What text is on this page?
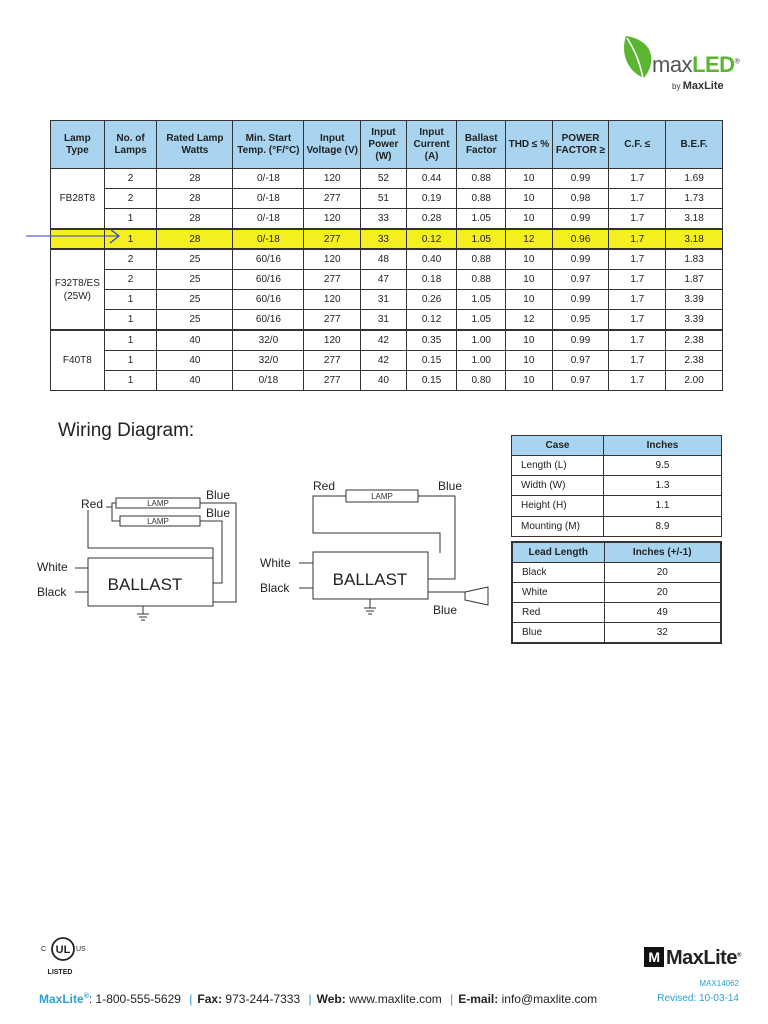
maxLED®
by MaxLite
Lamp Type	No. of Lamps	Rated Lamp Watts	Min. Start Temp. (°F/°C)	Input Voltage (V)	Input Power (W)	Input Current (A)	Ballast Factor	THD ≤ %	POWER FACTOR ≥	C.F. ≤	B.E.F.
FB28T8	2	28	0/-18	120	52	0.44	0.88	10	0.99	1.7	1.69
	2	28	0/-18	277	51	0.19	0.88	10	0.98	1.7	1.73
	1	28	0/-18	120	33	0.28	1.05	10	0.99	1.7	3.18
	1	28	0/-18	277	33	0.12	1.05	12	0.96	1.7	3.18
F32T8/ES (25W)	2	25	60/16	120	48	0.40	0.88	10	0.99	1.7	1.83
	2	25	60/16	277	47	0.18	0.88	10	0.97	1.7	1.87
	1	25	60/16	120	31	0.26	1.05	10	0.99	1.7	3.39
	1	25	60/16	277	31	0.12	1.05	12	0.95	1.7	3.39
F40T8	1	40	32/0	120	42	0.35	1.00	10	0.99	1.7	2.38
	1	40	32/0	277	42	0.15	1.00	10	0.97	1.7	2.38
	1	40	0/18	277	40	0.15	0.80	10	0.97	1.7	2.00
Wiring Diagram:
LAMP
LAMP
Red
Blue
Blue
BALLAST
White
Black
LAMP
Red	Blue
BALLAST
White
Black
Blue
Case	Inches
Length (L)	9.5
Width (W)	1.3
Height (H)	1.1
Mounting (M)	8.9
Lead Length	Inches (+/-1)
Black	20
White	20
Red	49
Blue	32
UL
C	US
LISTED
M MaxLite®
MAX14062
MaxLite®: 1-800-555-5629 | Fax: 973-244-7333 | Web: www.maxlite.com | E-mail: info@maxlite.com	Revised: 10-03-14
